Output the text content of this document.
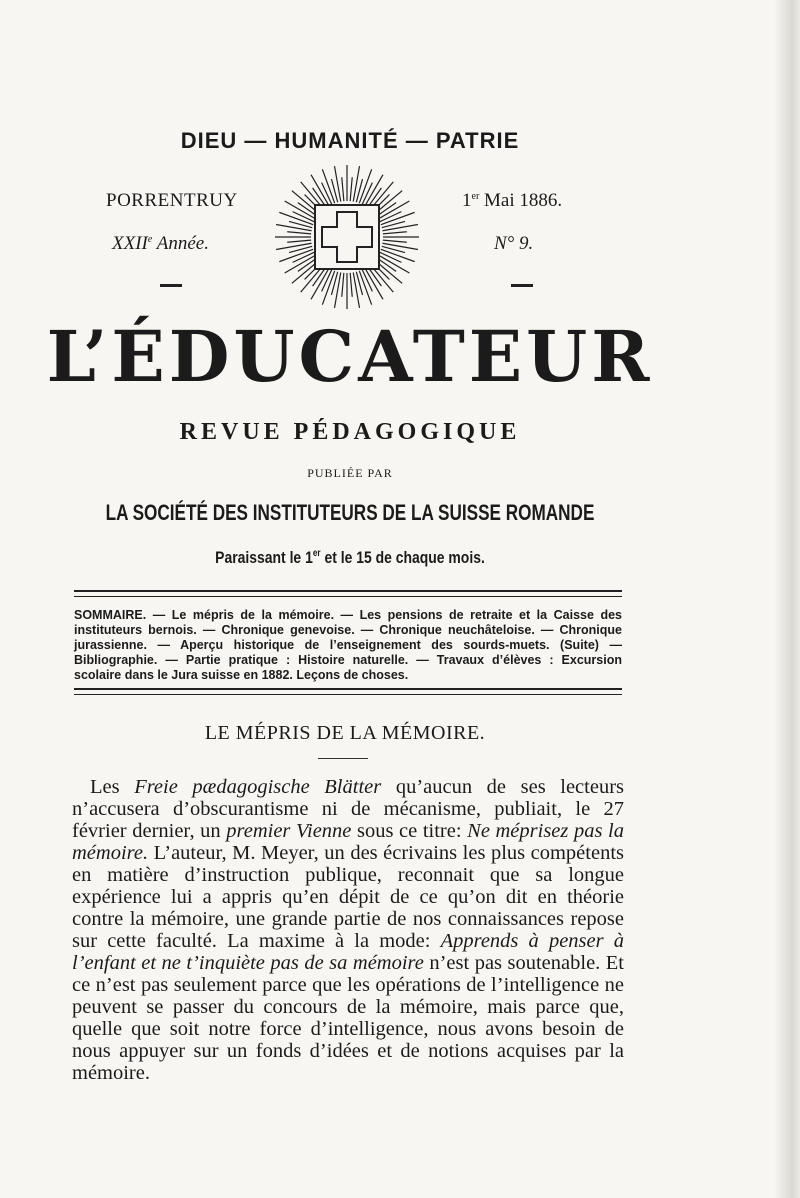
DIEU — HUMANITÉ — PATRIE
PORRENTRUY	1er Mai 1886.
XXIIe Année.	N° 9.
L’ÉDUCATEUR
REVUE PÉDAGOGIQUE
PUBLIÉE PAR
LA SOCIÉTÉ DES INSTITUTEURS DE LA SUISSE ROMANDE
Paraissant le 1er et le 15 de chaque mois.
SOMMAIRE. — Le mépris de la mémoire. — Les pensions de retraite et la Caisse des instituteurs bernois. — Chronique genevoise. — Chronique neuchâteloise. — Chronique jurassienne. — Aperçu historique de l’enseignement des sourds-muets. (Suite) — Bibliographie. — Partie pratique : Histoire naturelle. — Travaux d’élèves : Excursion scolaire dans le Jura suisse en 1882. Leçons de choses.
LE MÉPRIS DE LA MÉMOIRE.

Les Freie pædagogische Blätter qu’aucun de ses lecteurs n’accusera d’obscurantisme ni de mécanisme, publiait, le 27 février dernier, un premier Vienne sous ce titre: Ne méprisez pas la mémoire. L’auteur, M. Meyer, un des écrivains les plus compétents en matière d’instruction publique, reconnait que sa longue expérience lui a appris qu’en dépit de ce qu’on dit en théorie contre la mémoire, une grande partie de nos connaissances repose sur cette faculté. La maxime à la mode: Apprends à penser à l’enfant et ne t’inquiète pas de sa mémoire n’est pas soutenable. Et ce n’est pas seulement parce que les opérations de l’intelligence ne peuvent se passer du concours de la mémoire, mais parce que, quelle que soit notre force d’intelligence, nous avons besoin de nous appuyer sur un fonds d’idées et de notions acquises par la mémoire.
